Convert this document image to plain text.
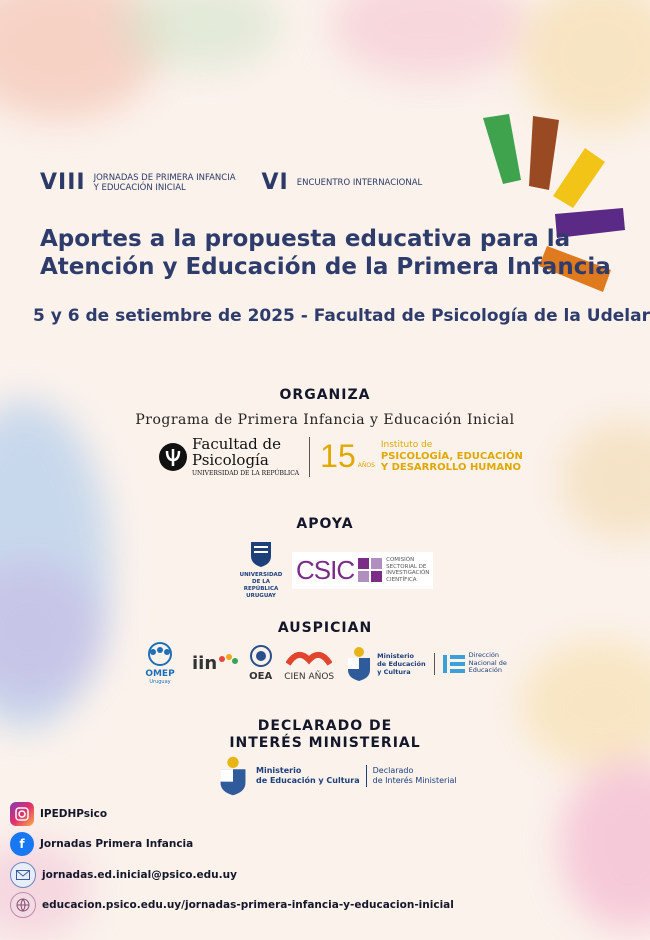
VIII JORNADAS DE PRIMERA INFANCIA
Y EDUCACIÓN INICIAL	VI ENCUENTRO INTERNACIONAL
Aportes a la propuesta educativa para la
Atención y Educación de la Primera Infancia
5 y 6 de setiembre de 2025 - Facultad de Psicología de la Udelar
ORGANIZA
Programa de Primera Infancia y Educación Inicial
Facultad de
Psicología
UNIVERSIDAD DE LA REPÚBLICA 15 AÑOS
Instituto de
PSICOLOGÍA, EDUCACIÓN
Y DESARROLLO HUMANO
APOYA
UNIVERSIDAD
DE LA REPÚBLICA
URUGUAY
CSIC	COMISIÓN
SECTORIAL DE
INVESTIGACIÓN
CIENTÍFICA
AUSPICIAN
OMEP
Uruguay
iin
OEA CIEN AÑOS
Ministerio
de Educación
y Cultura
Dirección
Nacional de
Educación
DECLARADO DE
INTERÉS MINISTERIAL
Ministerio
de Educación y Cultura
Declarado
de Interés Ministerial
IPEDHPsico
f	Jornadas Primera Infancia
jornadas.ed.inicial@psico.edu.uy
educacion.psico.edu.uy/jornadas-primera-infancia-y-educacion-inicial
